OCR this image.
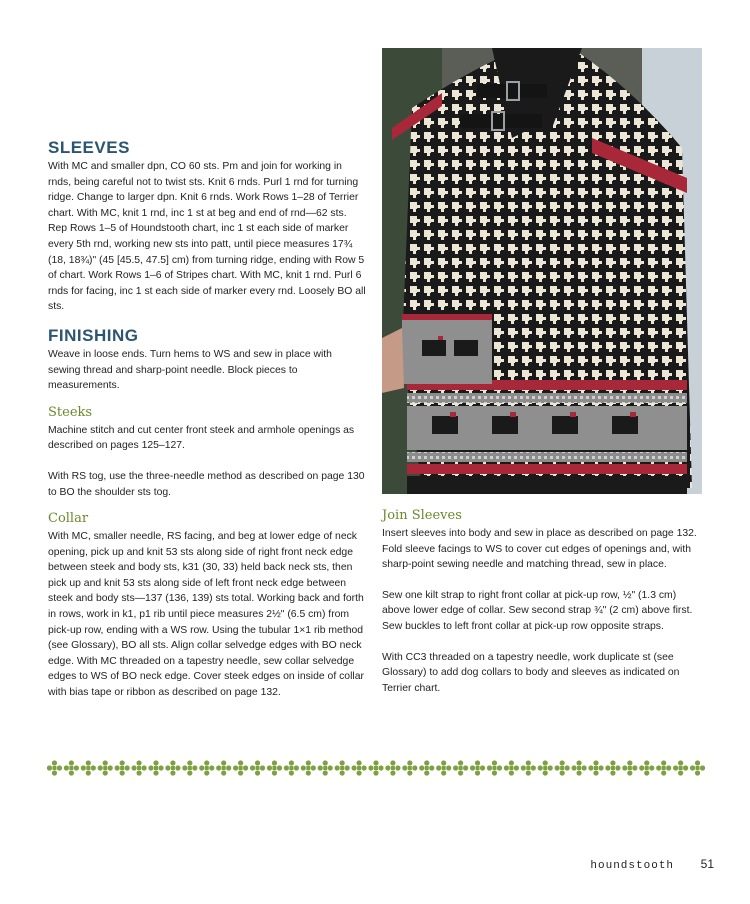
SLEEVES

With MC and smaller dpn, CO 60 sts. Pm and join for working in rnds, being careful not to twist sts. Knit 6 rnds. Purl 1 rnd for turning ridge. Change to larger dpn. Knit 6 rnds. Work Rows 1–28 of Terrier chart. With MC, knit 1 rnd, inc 1 st at beg and end of rnd—62 sts. Rep Rows 1–5 of Houndstooth chart, inc 1 st each side of marker every 5th rnd, working new sts into patt, until piece measures 17¾ (18, 18¾)" (45 [45.5, 47.5] cm) from turning ridge, ending with Row 5 of chart. Work Rows 1–6 of Stripes chart. With MC, knit 1 rnd. Purl 6 rnds for facing, inc 1 st each side of marker every rnd. Loosely BO all sts.

FINISHING

Weave in loose ends. Turn hems to WS and sew in place with sewing thread and sharp-point needle. Block pieces to measurements.

Steeks

Machine stitch and cut center front steek and armhole openings as described on pages 125–127.

With RS tog, use the three-needle method as described on page 130 to BO the shoulder sts tog.

Collar

With MC, smaller needle, RS facing, and beg at lower edge of neck opening, pick up and knit 53 sts along side of right front neck edge between steek and body sts, k31 (30, 33) held back neck sts, then pick up and knit 53 sts along side of left front neck edge between steek and body sts—137 (136, 139) sts total. Working back and forth in rows, work in k1, p1 rib until piece measures 2½" (6.5 cm) from pick-up row, ending with a WS row. Using the tubular 1×1 rib method (see Glossary), BO all sts. Align collar selvedge edges with BO neck edge. With MC threaded on a tapestry needle, sew collar selvedge edges to WS of BO neck edge. Cover steek edges on inside of collar with bias tape or ribbon as described on page 132.

Join Sleeves

Insert sleeves into body and sew in place as described on page 132. Fold sleeve facings to WS to cover cut edges of openings and, with sharp-point sewing needle and matching thread, sew in place.

Sew one kilt strap to right front collar at pick-up row, ½" (1.3 cm) above lower edge of collar. Sew second strap ¾" (2 cm) above first. Sew buckles to left front collar at pick-up row opposite straps.

With CC3 threaded on a tapestry needle, work duplicate st (see Glossary) to add dog collars to body and sleeves as indicated on Terrier chart.

houndstooth 51
